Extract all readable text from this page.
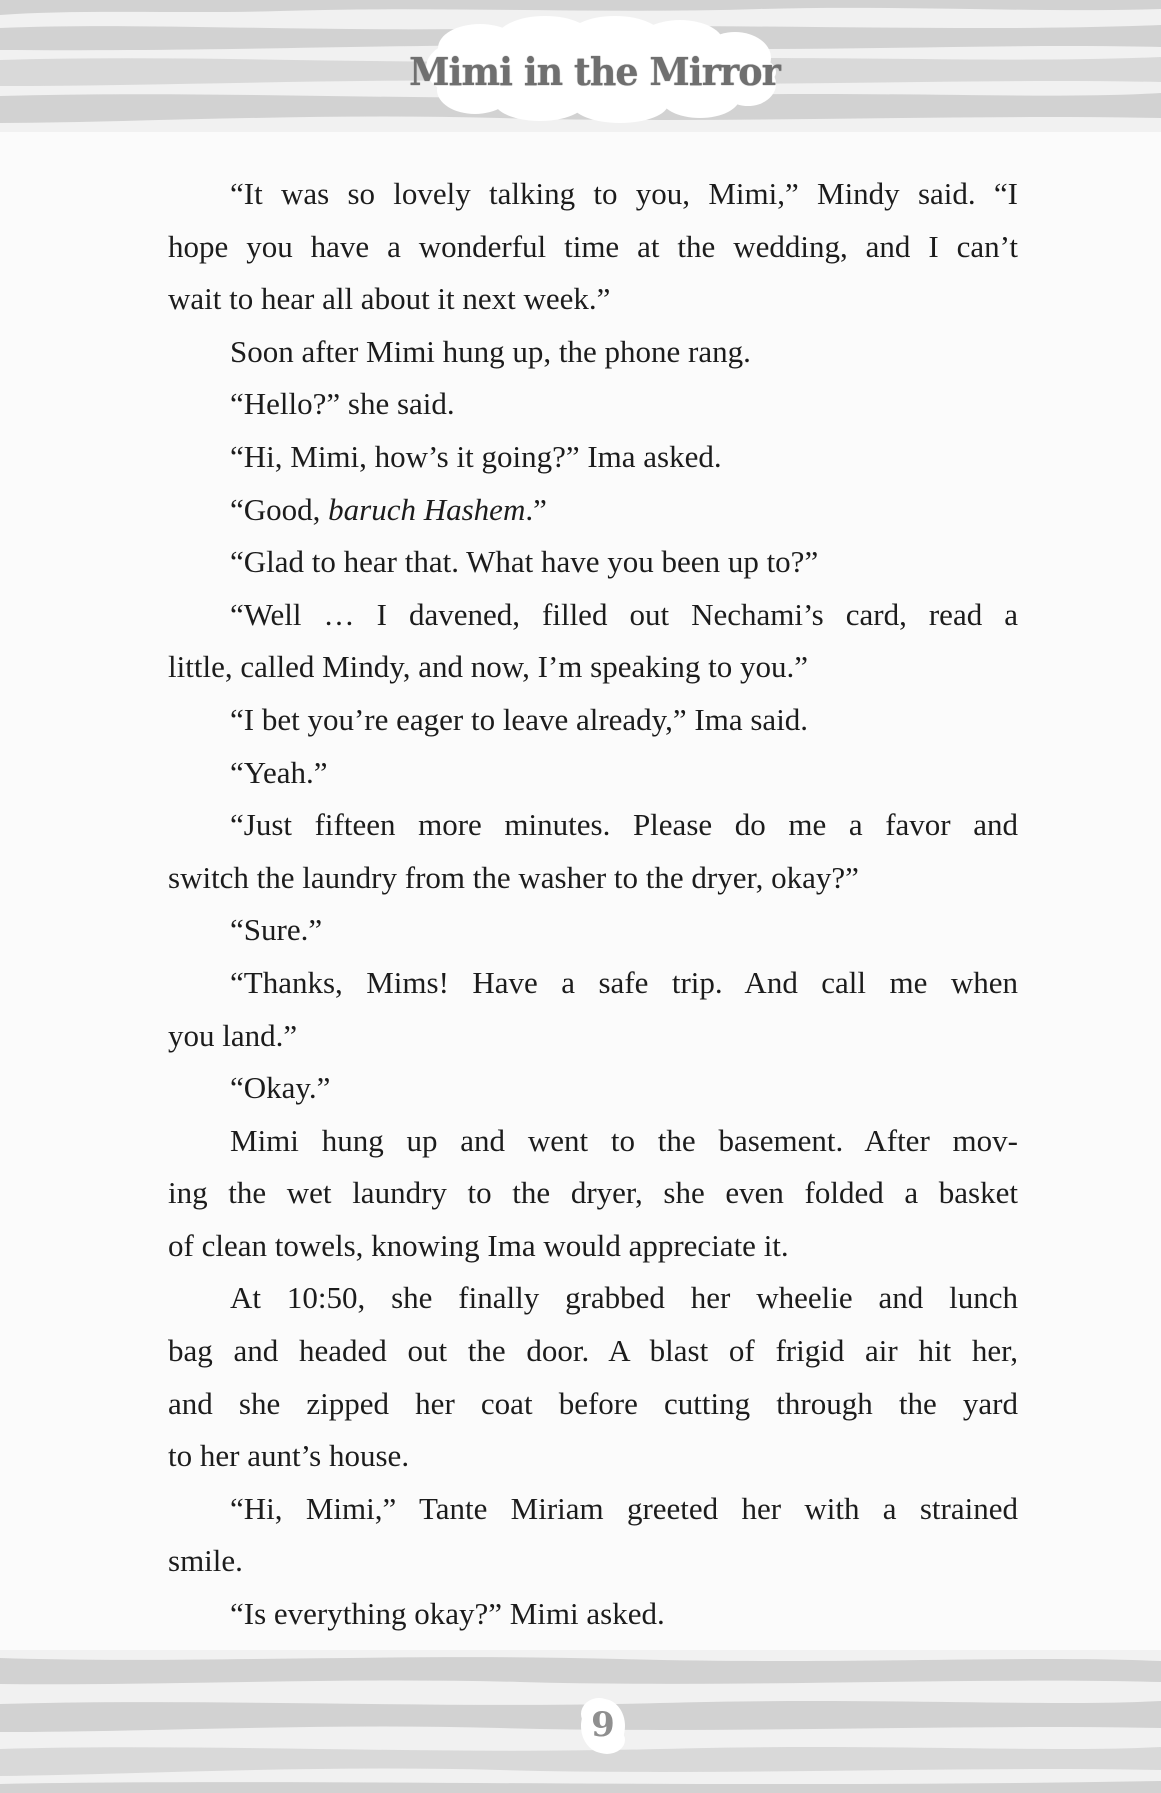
Mimi in the Mirror
“It was so lovely talking to you, Mimi,” Mindy said. “I
hope you have a wonderful time at the wedding, and I can’t
wait to hear all about it next week.”
Soon after Mimi hung up, the phone rang.
“Hello?” she said.
“Hi, Mimi, how’s it going?” Ima asked.
“Good, baruch Hashem.”
“Glad to hear that. What have you been up to?”
“Well … I davened, filled out Nechami’s card, read a
little, called Mindy, and now, I’m speaking to you.”
“I bet you’re eager to leave already,” Ima said.
“Yeah.”
“Just fifteen more minutes. Please do me a favor and
switch the laundry from the washer to the dryer, okay?”
“Sure.”
“Thanks, Mims! Have a safe trip. And call me when
you land.”
“Okay.”
Mimi hung up and went to the basement. After mov-
ing the wet laundry to the dryer, she even folded a basket
of clean towels, knowing Ima would appreciate it.
At 10:50, she finally grabbed her wheelie and lunch
bag and headed out the door. A blast of frigid air hit her,
and she zipped her coat before cutting through the yard
to her aunt’s house.
“Hi, Mimi,” Tante Miriam greeted her with a strained
smile.
“Is everything okay?” Mimi asked.
9
